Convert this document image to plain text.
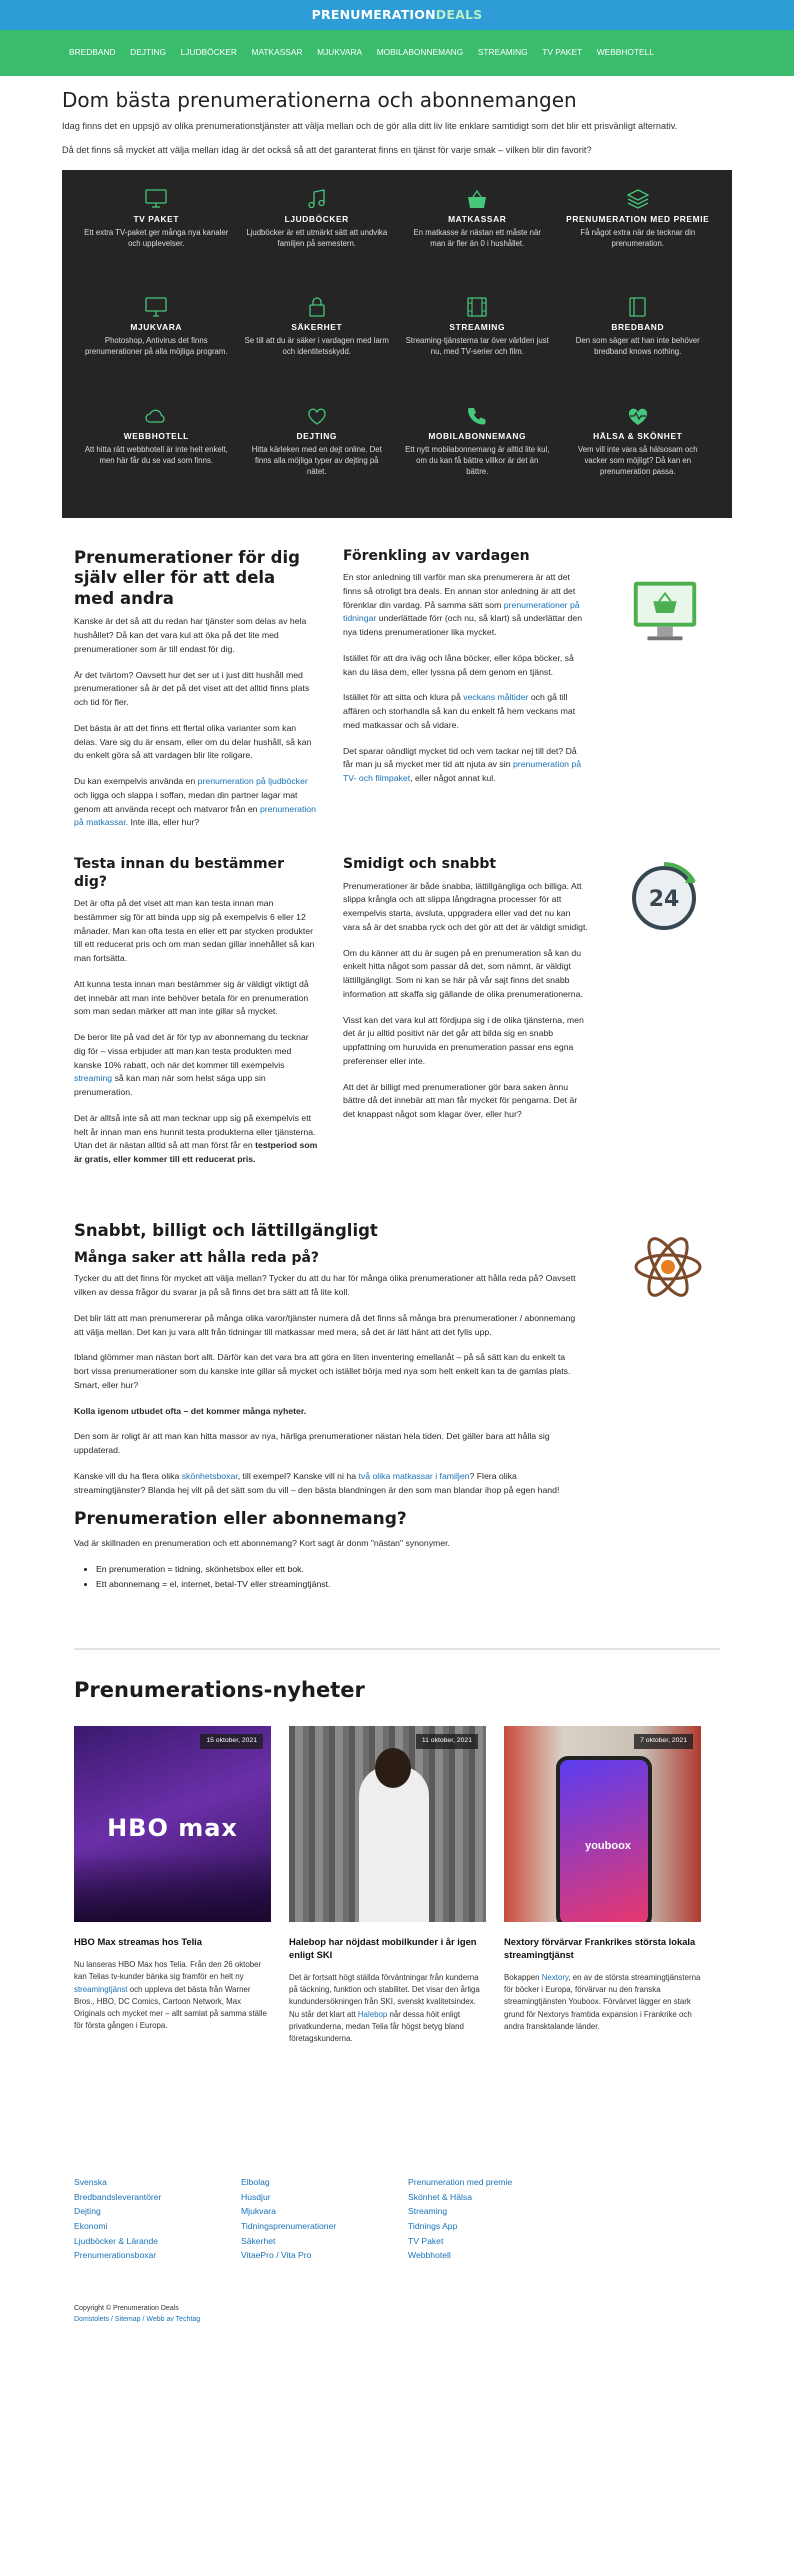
PRENUMERATIONDEALS
BREDBAND DEJTING LJUDBÖCKER MATKASSAR MJUKVARA MOBILABONNEMANG STREAMING TV PAKET WEBBHOTELL
Dom bästa prenumerationerna och abonnemangen

Idag finns det en uppsjö av olika prenumerationstjänster att välja mellan och de gör alla ditt liv lite enklare samtidigt som det blir ett prisvänligt alternativ.

Då det finns så mycket att välja mellan idag är det också så att det garanterat finns en tjänst för varje smak – vilken blir din favorit?

TV PAKET
Ett extra TV-paket ger många nya kanaler och upplevelser.
LJUDBÖCKER
Ljudböcker är ett utmärkt sätt att undvika familjen på semestern.
MATKASSAR
En matkasse är nästan ett måste när man är fler än 0 i hushållet.
PRENUMERATION MED PREMIE
Få något extra när de tecknar din prenumeration.
MJUKVARA
Photoshop, Antivirus det finns prenumerationer på alla möjliga program.
SÄKERHET
Se till att du är säker i vardagen med larm och identitetsskydd.
STREAMING
Streaming-tjänsterna tar över världen just nu, med TV-serier och film.
BREDBAND
Den som säger att han inte behöver bredband knows nothing.
WEBBHOTELL
Att hitta rätt webbhotell är inte helt enkelt, men här får du se vad som finns.
DEJTING
Hitta kärleken med en dejt online. Det finns alla möjliga typer av dejting på nätet.
MOBILABONNEMANG
Ett nytt mobilabonnemang är alltid lite kul, om du kan få bättre villkor är det än bättre.
HÄLSA & SKÖNHET
Vem vill inte vara så hälsosam och vacker som möjligt? Då kan en prenumeration passa.
Prenumerationer för dig själv eller för att dela med andra

Kanske är det så att du redan har tjänster som delas av hela hushållet? Då kan det vara kul att öka på det lite med prenumerationer som är till endast för dig.

Är det tvärtom? Oavsett hur det ser ut i just ditt hushåll med prenumerationer så är det på det viset att det alltid finns plats och tid för fler.

Det bästa är att det finns ett flertal olika varianter som kan delas. Vare sig du är ensam, eller om du delar hushåll, så kan du enkelt göra så att vardagen blir lite roligare.

Du kan exempelvis använda en prenumeration på ljudböcker och ligga och slappa i soffan, medan din partner lagar mat genom att använda recept och matvaror från en prenumeration på matkassar. Inte illa, eller hur?

Förenkling av vardagen

En stor anledning till varför man ska prenumerera är att det finns så otroligt bra deals. En annan stor anledning är att det förenklar din vardag. På samma sätt som prenumerationer på tidningar underlättade förr (och nu, så klart) så underlättar den nya tidens prenumerationer lika mycket.

Istället för att dra iväg och låna böcker, eller köpa böcker, så kan du läsa dem, eller lyssna på dem genom en tjänst.

Istället för att sitta och klura på veckans måltider och gå till affären och storhandla så kan du enkelt få hem veckans mat med matkassar och så vidare.

Det sparar oändligt mycket tid och vem tackar nej till det? Då får man ju så mycket mer tid att njuta av sin prenumeration på TV- och filmpaket, eller något annat kul.

Testa innan du bestämmer dig?

Det är ofta på det viset att man kan testa innan man bestämmer sig för att binda upp sig på exempelvis 6 eller 12 månader. Man kan ofta testa en eller ett par stycken produkter till ett reducerat pris och om man sedan gillar innehållet så kan man fortsätta.

Att kunna testa innan man bestämmer sig är väldigt viktigt då det innebär att man inte behöver betala för en prenumeration som man sedan märker att man inte gillar så mycket.

De beror lite på vad det är för typ av abonnemang du tecknar dig för – vissa erbjuder att man kan testa produkten med kanske 10% rabatt, och när det kommer till exempelvis streaming så kan man när som helst säga upp sin prenumeration.

Det är alltså inte så att man tecknar upp sig på exempelvis ett helt år innan man ens hunnit testa produkterna eller tjänsterna. Utan det är nästan alltid så att man först får en testperiod som är gratis, eller kommer till ett reducerat pris.

Smidigt och snabbt

Prenumerationer är både snabba, lättillgängliga och billiga. Att slippa krångla och att slippa långdragna processer för att exempelvis starta, avsluta, uppgradera eller vad det nu kan vara så är det snabba ryck och det gör att det är väldigt smidigt.

Om du känner att du är sugen på en prenumeration så kan du enkelt hitta något som passar då det, som nämnt, är väldigt lättillgängligt. Som ni kan se här på vår sajt finns det snabb information att skaffa sig gällande de olika prenumerationerna.

Visst kan det vara kul att fördjupa sig i de olika tjänsterna, men det är ju alltid positivt när det går att bilda sig en snabb uppfattning om huruvida en prenumeration passar ens egna preferenser eller inte.

Att det är billigt med prenumerationer gör bara saken ännu bättre då det innebär att man får mycket för pengarna. Det är det knappast något som klagar över, eller hur?

24
Snabbt, billigt och lättillgängligt
Många saker att hålla reda på?

Tycker du att det finns för mycket att välja mellan? Tycker du att du har för många olika prenumerationer att hålla reda på? Oavsett vilken av dessa frågor du svarar ja på så finns det bra sätt att få lite koll.

Det blir lätt att man prenumererar på många olika varor/tjänster numera då det finns så många bra prenumerationer / abonnemang att välja mellan. Det kan ju vara allt från tidningar till matkassar med mera, så det är lätt hänt att det fylls upp.

Ibland glömmer man nästan bort allt. Därför kan det vara bra att göra en liten inventering emellanåt – på så sätt kan du enkelt ta bort vissa prenumerationer som du kanske inte gillar så mycket och istället börja med nya som helt enkelt kan ta de gamlas plats. Smart, eller hur?

Kolla igenom utbudet ofta – det kommer många nyheter.

Den som är roligt är att man kan hitta massor av nya, härliga prenumerationer nästan hela tiden. Det gäller bara att hålla sig uppdaterad.

Kanske vill du ha flera olika skönhetsboxar, till exempel? Kanske vill ni ha två olika matkassar i familjen? Flera olika streamingtjänster? Blanda hej vilt på det sätt som du vill – den bästa blandningen är den som man blandar ihop på egen hand!

Prenumeration eller abonnemang?

Vad är skillnaden en prenumeration och ett abonnemang? Kort sagt är donm "nästan" synonymer.

• En prenumeration = tidning, skönhetsbox eller ett bok.
• Ett abonnemang = el, internet, betal-TV eller streamingtjänst.
Prenumerations-nyheter
15 oktober, 2021
HBO max
HBO Max streamas hos Telia

Nu lanseras HBO Max hos Telia. Från den 26 oktober kan Telias tv-kunder bänka sig framför en helt ny streamingtjänst och uppleva det bästa från Warner Bros., HBO, DC Comics, Cartoon Network, Max Originals och mycket mer – allt samlat på samma ställe för första gången i Europa.

11 oktober, 2021
Halebop har nöjdast mobilkunder i år igen enligt SKI

Det är fortsatt högt ställda förväntningar från kunderna på täckning, funktion och stabilitet. Det visar den årliga kundundersökningen från SKI, svenskt kvalitetsindex. Nu står det klart att Halebop når dessa höit enligt privatkunderna, medan Telia får högst betyg bland företagskunderna.

7 oktober, 2021
youboox
Nextory förvärvar Frankrikes största lokala streamingtjänst

Bokappen Nextory, en av de största streamingtjänsterna för böcker i Europa, förvärvar nu den franska streamingtjänsten Youboox. Förvärvet lägger en stark grund för Nextorys framtida expansion i Frankrike och andra fransktalande länder.

Svenska
Bredbandsleverantörer
Dejting
Ekonomi
Ljudböcker & Lärande
Prenumerationsboxar
Elbolag
Husdjur
Mjukvara
Tidningsprenumerationer
Säkerhet
VitaePro / Vita Pro
Prenumeration med premie
Skönhet & Hälsa
Streaming
Tidnings App
TV Paket
Webbhotell
Copyright © Prenumeration Deals
Domstolets / Sitemap / Webb av Techtag
